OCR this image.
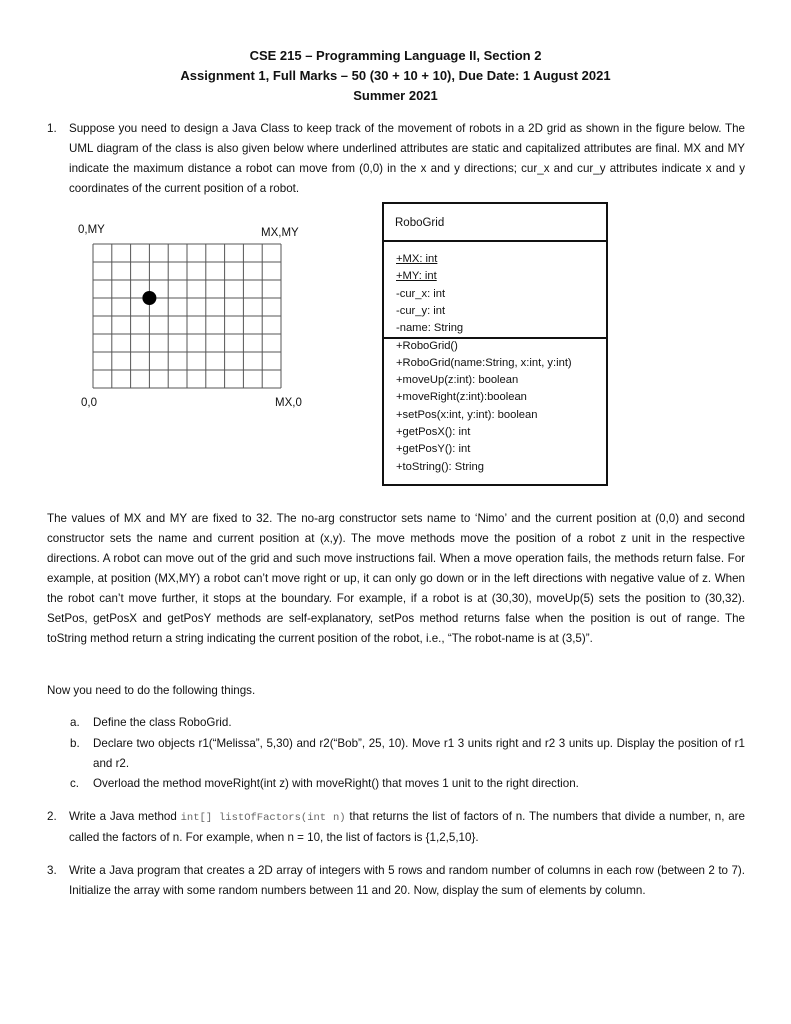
CSE 215 – Programming Language II, Section 2
Assignment 1, Full Marks – 50 (30 + 10 + 10), Due Date: 1 August 2021
Summer 2021
1. Suppose you need to design a Java Class to keep track of the movement of robots in a 2D grid as shown in the figure below. The UML diagram of the class is also given below where underlined attributes are static and capitalized attributes are final. MX and MY indicate the maximum distance a robot can move from (0,0) in the x and y directions; cur_x and cur_y attributes indicate x and y coordinates of the current position of a robot.
0,MY	MX,MY
0,0	MX,0
RoboGrid
+MX: int
+MY: int
-cur_x: int
-cur_y: int
-name: String
+RoboGrid()
+RoboGrid(name:String, x:int, y:int)
+moveUp(z:int): boolean
+moveRight(z:int):boolean
+setPos(x:int, y:int): boolean
+getPosX(): int
+getPosY(): int
+toString(): String
The values of MX and MY are fixed to 32. The no-arg constructor sets name to ‘Nimo’ and the current position at (0,0) and second constructor sets the name and current position at (x,y). The move methods move the position of a robot z unit in the respective directions. A robot can move out of the grid and such move instructions fail. When a move operation fails, the methods return false. For example, at position (MX,MY) a robot can’t move right or up, it can only go down or in the left directions with negative value of z. When the robot can’t move further, it stops at the boundary. For example, if a robot is at (30,30), moveUp(5) sets the position to (30,32). SetPos, getPosX and getPosY methods are self-explanatory, setPos method returns false when the position is out of range. The toString method return a string indicating the current position of the robot, i.e., “The robot-name is at (3,5)”.
Now you need to do the following things.
a. Define the class RoboGrid.
b. Declare two objects r1(“Melissa”, 5,30) and r2(“Bob”, 25, 10). Move r1 3 units right and r2 3 units up. Display the position of r1 and r2.
c. Overload the method moveRight(int z) with moveRight() that moves 1 unit to the right direction.
2. Write a Java method int[] listOfFactors(int n) that returns the list of factors of n. The numbers that divide a number, n, are called the factors of n. For example, when n = 10, the list of factors is {1,2,5,10}.
3. Write a Java program that creates a 2D array of integers with 5 rows and random number of columns in each row (between 2 to 7). Initialize the array with some random numbers between 11 and 20. Now, display the sum of elements by column.
